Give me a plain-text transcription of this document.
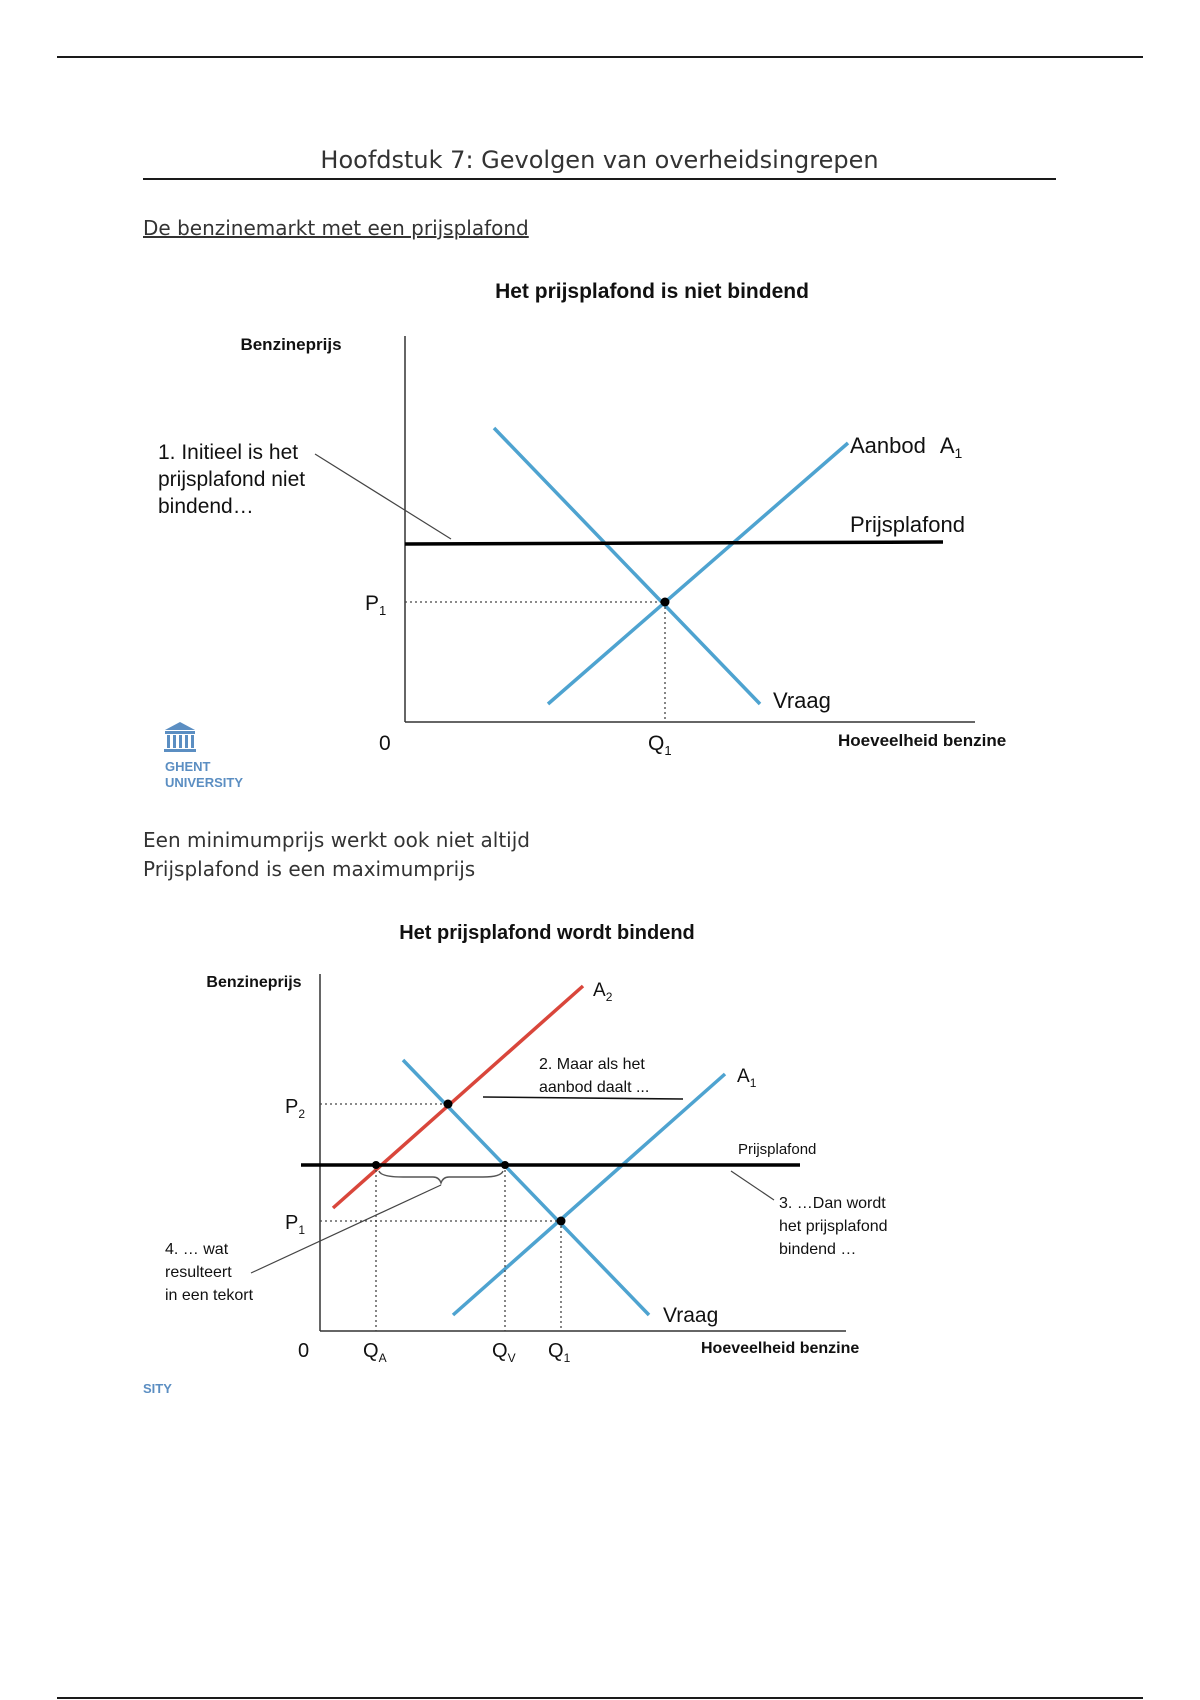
Hoofdstuk 7: Gevolgen van overheidsingrepen
De benzinemarkt met een prijsplafond
Het prijsplafond is niet bindend
Benzineprijs
Aanbod $A_1$
Prijsplafond
Vraag
$P_1$
$Q_1$
0	Hoeveelheid benzine
1. Initieel is het
prijsplafond niet
bindend…
GHENT
UNIVERSITY
Een minimumprijs werkt ook niet altijd
Prijsplafond is een maximumprijs
Het prijsplafond wordt bindend
Benzineprijs	$A_2$
$A_1$
Prijsplafond
Vraag
$P_2$
$P_1$
0	$Q_A$	$Q_V$ $Q_1$
Hoeveelheid benzine
2. Maar als het
aanbod daalt ...
3. …Dan wordt
het prijsplafond
bindend …
4. … wat
resulteert
in een tekort
SITY
